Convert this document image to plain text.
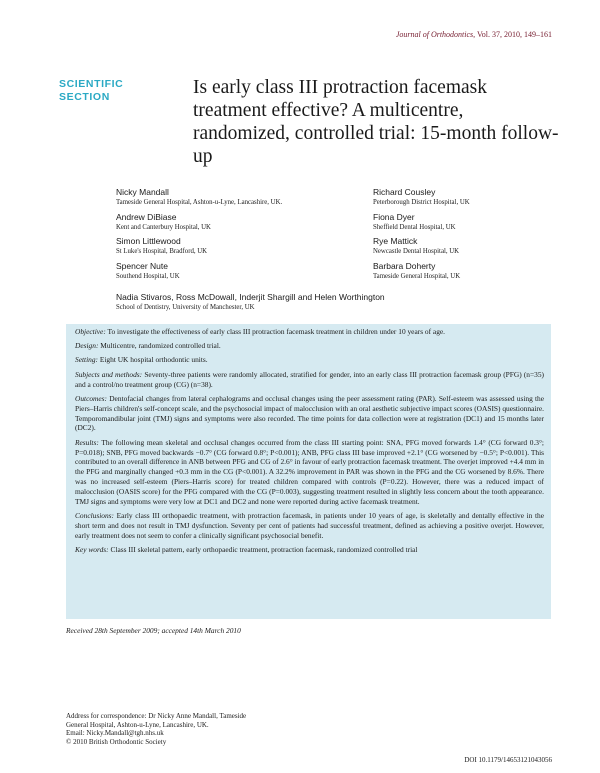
Journal of Orthodontics, Vol. 37, 2010, 149–161
SCIENTIFIC
SECTION	Is early class III protraction facemask treatment effective? A multicentre, randomized, controlled trial: 15-month follow-up
Nicky Mandall
Tameside General Hospital, Ashton-u-Lyne, Lancashire, UK.
Andrew DiBiase
Kent and Canterbury Hospital, UK
Simon Littlewood
St Luke's Hospital, Bradford, UK
Spencer Nute
Southend Hospital, UK
Richard Cousley
Peterborough District Hospital, UK
Fiona Dyer
Sheffield Dental Hospital, UK
Rye Mattick
Newcastle Dental Hospital, UK
Barbara Doherty
Tameside General Hospital, UK
Nadia Stivaros, Ross McDowall, Inderjit Shargill and Helen Worthington
School of Dentistry, University of Manchester, UK

Objective: To investigate the effectiveness of early class III protraction facemask treatment in children under 10 years of age.

Design: Multicentre, randomized controlled trial.

Setting: Eight UK hospital orthodontic units.

Subjects and methods: Seventy-three patients were randomly allocated, stratified for gender, into an early class III protraction facemask group (PFG) (n=35) and a control/no treatment group (CG) (n=38).

Outcomes: Dentofacial changes from lateral cephalograms and occlusal changes using the peer assessment rating (PAR). Self-esteem was assessed using the Piers–Harris children's self-concept scale, and the psychosocial impact of malocclusion with an oral aesthetic subjective impact scores (OASIS) questionnaire. Temporomandibular joint (TMJ) signs and symptoms were also recorded. The time points for data collection were at registration (DC1) and 15 months later (DC2).

Results: The following mean skeletal and occlusal changes occurred from the class III starting point: SNA, PFG moved forwards 1.4° (CG forward 0.3°; P=0.018); SNB, PFG moved backwards −0.7° (CG forward 0.8°; P<0.001); ANB, PFG class III base improved +2.1° (CG worsened by −0.5°; P<0.001). This contributed to an overall difference in ANB between PFG and CG of 2.6° in favour of early protraction facemask treatment. The overjet improved +4.4 mm in the PFG and marginally changed +0.3 mm in the CG (P<0.001). A 32.2% improvement in PAR was shown in the PFG and the CG worsened by 8.6%. There was no increased self-esteem (Piers–Harris score) for treated children compared with controls (P=0.22). However, there was a reduced impact of malocclusion (OASIS score) for the PFG compared with the CG (P=0.003), suggesting treatment resulted in slightly less concern about the tooth appearance. TMJ signs and symptoms were very low at DC1 and DC2 and none were reported during active facemask treatment.

Conclusions: Early class III orthopaedic treatment, with protraction facemask, in patients under 10 years of age, is skeletally and dentally effective in the short term and does not result in TMJ dysfunction. Seventy per cent of patients had successful treatment, defined as achieving a positive overjet. However, early treatment does not seem to confer a clinically significant psychosocial benefit.

Key words: Class III skeletal pattern, early orthopaedic treatment, protraction facemask, randomized controlled trial

Received 28th September 2009; accepted 14th March 2010
Address for correspondence: Dr Nicky Anne Mandall, Tameside
General Hospital, Ashton-u-Lyne, Lancashire, UK.
Email: Nicky.Mandall@tgh.nhs.uk
© 2010 British Orthodontic Society
DOI 10.1179/14653121043056
